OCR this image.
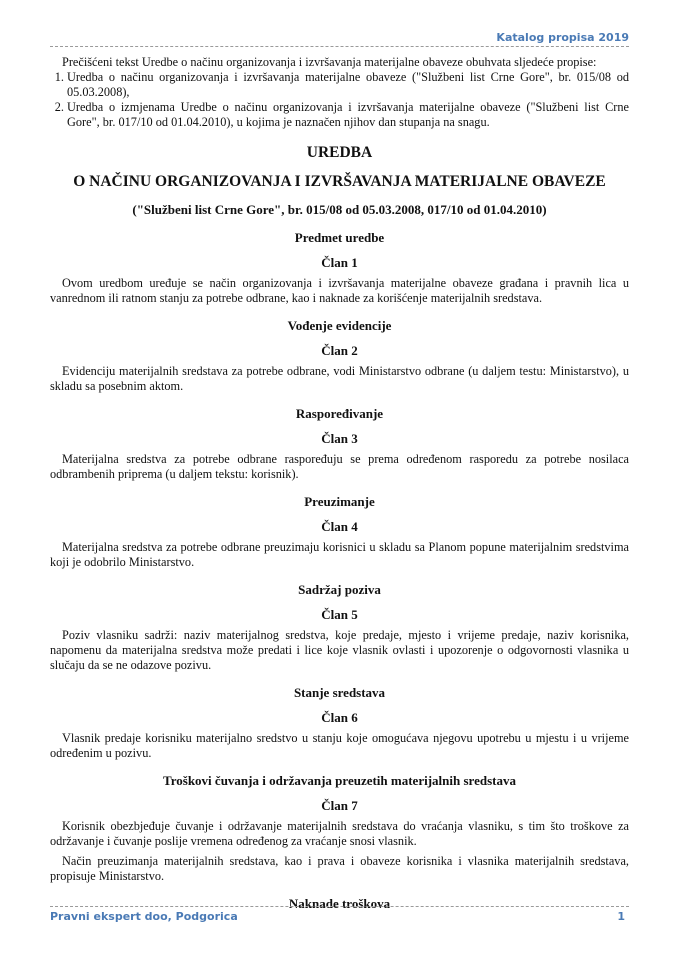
Katalog propisa 2019

Prečišćeni tekst Uredbe o načinu organizovanja i izvršavanja materijalne obaveze obuhvata sljedeće propise:

1. Uredba o načinu organizovanja i izvršavanja materijalne obaveze ("Službeni list Crne Gore", br. 015/08 od 05.03.2008),
2. Uredba o izmjenama Uredbe o načinu organizovanja i izvršavanja materijalne obaveze ("Službeni list Crne Gore", br. 017/10 od 01.04.2010), u kojima je naznačen njihov dan stupanja na snagu.
UREDBA
O NAČINU ORGANIZOVANJA I IZVRŠAVANJA MATERIJALNE OBAVEZE
("Službeni list Crne Gore", br. 015/08 od 05.03.2008, 017/10 od 01.04.2010)
Predmet uredbe
Član 1

Ovom uredbom uređuje se način organizovanja i izvršavanja materijalne obaveze građana i pravnih lica u vanrednom ili ratnom stanju za potrebe odbrane, kao i naknade za korišćenje materijalnih sredstava.

Vođenje evidencije
Član 2

Evidenciju materijalnih sredstava za potrebe odbrane, vodi Ministarstvo odbrane (u daljem testu: Ministarstvo), u skladu sa posebnim aktom.

Raspoređivanje
Član 3

Materijalna sredstva za potrebe odbrane raspoređuju se prema određenom rasporedu za potrebe nosilaca odbrambenih priprema (u daljem tekstu: korisnik).

Preuzimanje
Član 4

Materijalna sredstva za potrebe odbrane preuzimaju korisnici u skladu sa Planom popune materijalnim sredstvima koji je odobrilo Ministarstvo.

Sadržaj poziva
Član 5

Poziv vlasniku sadrži: naziv materijalnog sredstva, koje predaje, mjesto i vrijeme predaje, naziv korisnika, napomenu da materijalna sredstva može predati i lice koje vlasnik ovlasti i upozorenje o odgovornosti vlasnika u slučaju da se ne odazove pozivu.

Stanje sredstava
Član 6

Vlasnik predaje korisniku materijalno sredstvo u stanju koje omogućava njegovu upotrebu u mjestu i u vrijeme određenim u pozivu.

Troškovi čuvanja i održavanja preuzetih materijalnih sredstava
Član 7

Korisnik obezbjeđuje čuvanje i održavanje materijalnih sredstava do vraćanja vlasniku, s tim što troškove za održavanje i čuvanje poslije vremena određenog za vraćanje snosi vlasnik.

Način preuzimanja materijalnih sredstava, kao i prava i obaveze korisnika i vlasnika materijalnih sredstava, propisuje Ministarstvo.

Naknade troškova
Pravni ekspert doo, Podgorica	1
